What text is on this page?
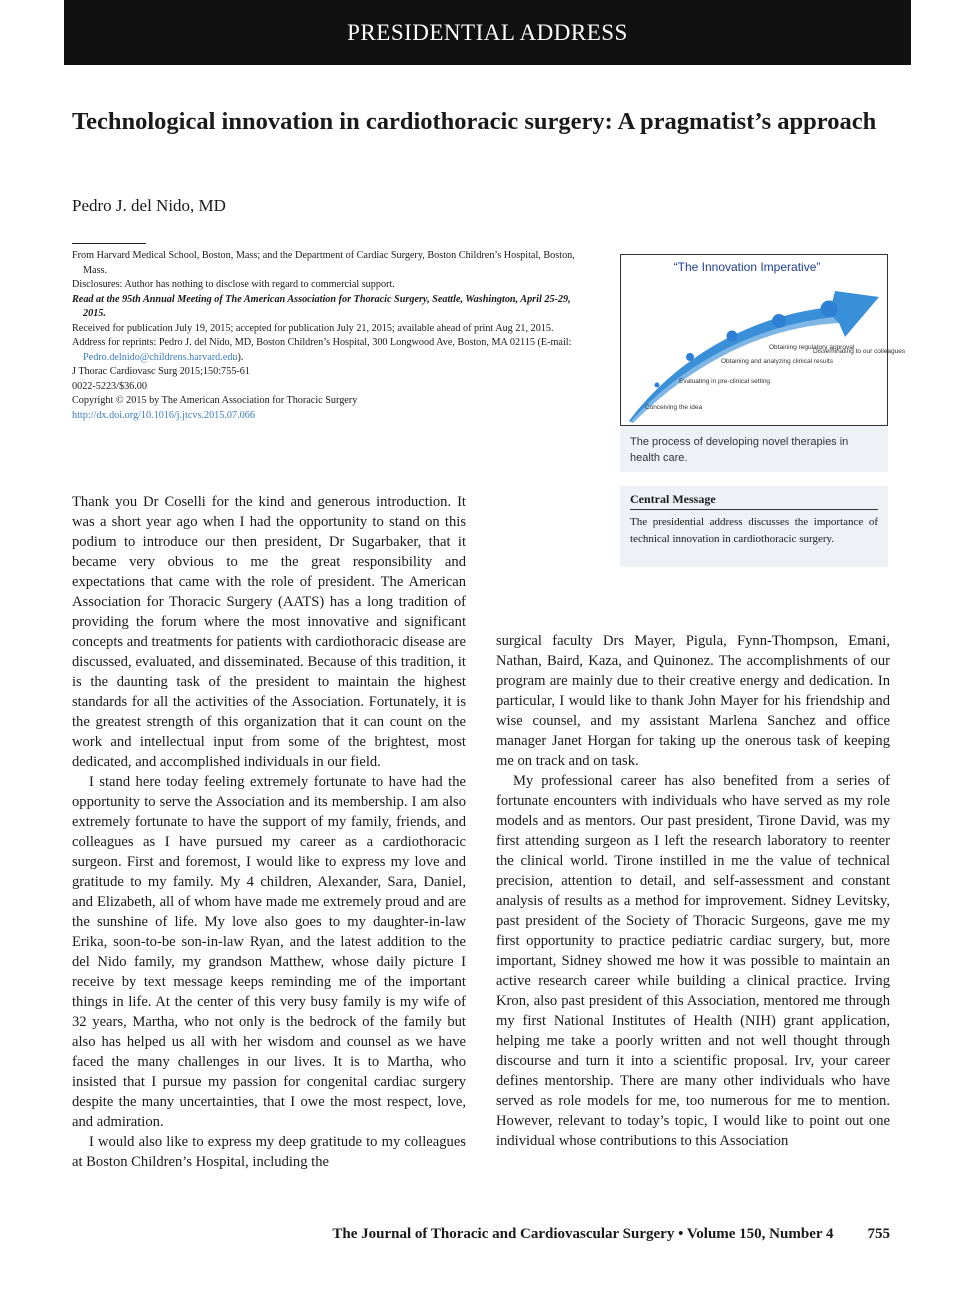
PRESIDENTIAL ADDRESS
Technological innovation in cardiothoracic surgery: A pragmatist’s approach
Pedro J. del Nido, MD

From Harvard Medical School, Boston, Mass; and the Department of Cardiac Surgery, Boston Children’s Hospital, Boston, Mass.

Disclosures: Author has nothing to disclose with regard to commercial support.

Read at the 95th Annual Meeting of The American Association for Thoracic Surgery, Seattle, Washington, April 25-29, 2015.

Received for publication July 19, 2015; accepted for publication July 21, 2015; available ahead of print Aug 21, 2015.

Address for reprints: Pedro J. del Nido, MD, Boston Children’s Hospital, 300 Longwood Ave, Boston, MA 02115 (E-mail: Pedro.delnido@childrens.harvard.edu).

J Thorac Cardiovasc Surg 2015;150:755-61

0022-5223/$36.00

Copyright © 2015 by The American Association for Thoracic Surgery

http://dx.doi.org/10.1016/j.jtcvs.2015.07.066

“The Innovation Imperative”
Conceiving the idea
Evaluating in pre-clinical setting
Obtaining and analyzing clinical results
Obtaining regulatory approval
Disseminating to our colleagues
The process of developing novel therapies in health care.
Central Message
The presidential address discusses the importance of technical innovation in cardiothoracic surgery.

Thank you Dr Coselli for the kind and generous introduction. It was a short year ago when I had the opportunity to stand on this podium to introduce our then president, Dr Sugarbaker, that it became very obvious to me the great responsibility and expectations that came with the role of president. The American Association for Thoracic Surgery (AATS) has a long tradition of providing the forum where the most innovative and significant concepts and treatments for patients with cardiothoracic disease are discussed, evaluated, and disseminated. Because of this tradition, it is the daunting task of the president to maintain the highest standards for all the activities of the Association. Fortunately, it is the greatest strength of this organization that it can count on the work and intellectual input from some of the brightest, most dedicated, and accomplished individuals in our field.

I stand here today feeling extremely fortunate to have had the opportunity to serve the Association and its membership. I am also extremely fortunate to have the support of my family, friends, and colleagues as I have pursued my career as a cardiothoracic surgeon. First and foremost, I would like to express my love and gratitude to my family. My 4 children, Alexander, Sara, Daniel, and Elizabeth, all of whom have made me extremely proud and are the sunshine of life. My love also goes to my daughter-in-law Erika, soon-to-be son-in-law Ryan, and the latest addition to the del Nido family, my grandson Matthew, whose daily picture I receive by text message keeps reminding me of the important things in life. At the center of this very busy family is my wife of 32 years, Martha, who not only is the bedrock of the family but also has helped us all with her wisdom and counsel as we have faced the many challenges in our lives. It is to Martha, who insisted that I pursue my passion for congenital cardiac surgery despite the many uncertainties, that I owe the most respect, love, and admiration.

I would also like to express my deep gratitude to my colleagues at Boston Children’s Hospital, including the

surgical faculty Drs Mayer, Pigula, Fynn-Thompson, Emani, Nathan, Baird, Kaza, and Quinonez. The accomplishments of our program are mainly due to their creative energy and dedication. In particular, I would like to thank John Mayer for his friendship and wise counsel, and my assistant Marlena Sanchez and office manager Janet Horgan for taking up the onerous task of keeping me on track and on task.

My professional career has also benefited from a series of fortunate encounters with individuals who have served as my role models and as mentors. Our past president, Tirone David, was my first attending surgeon as I left the research laboratory to reenter the clinical world. Tirone instilled in me the value of technical precision, attention to detail, and self-assessment and constant analysis of results as a method for improvement. Sidney Levitsky, past president of the Society of Thoracic Surgeons, gave me my first opportunity to practice pediatric cardiac surgery, but, more important, Sidney showed me how it was possible to maintain an active research career while building a clinical practice. Irving Kron, also past president of this Association, mentored me through my first National Institutes of Health (NIH) grant application, helping me take a poorly written and not well thought through discourse and turn it into a scientific proposal. Irv, your career defines mentorship. There are many other individuals who have served as role models for me, too numerous for me to mention. However, relevant to today’s topic, I would like to point out one individual whose contributions to this Association

The Journal of Thoracic and Cardiovascular Surgery • Volume 150, Number 4 755
